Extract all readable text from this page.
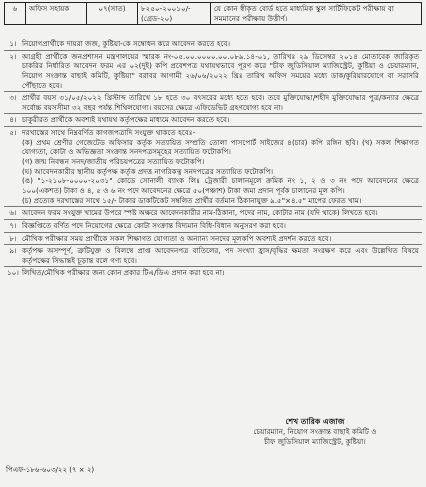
৬	অফিস সহায়ক	০৭(সাত)	৮২৫০-২০০১০/- (গ্রেড-২০)	যে কোন স্বীকৃত বোর্ড হতে মাধ্যমিক স্কুল সার্টিফিকেট পরীক্ষায় বা সমমানের পরীক্ষায় উত্তীর্ণ।
১। নিয়োগপ্রার্থীকে দায়রা জজ, কুষ্টিয়া-কে সম্বোধন করে আবেদন করতে হবে।
২। আগ্রহী প্রার্থীকে জনপ্রশাসন মন্ত্রণালয়ের স্মারক নং-০৫.০০.০০০০.০০.০৮৯.১৪-০১, তারিখঃ ২৯ ডিসেম্বর ২০১৪ মোতাবেক জারিকৃত চাকরির নির্ধারিত আবেদন ফরম এর ০২(দুই) কপি প্রবেশপত্র যথাযথভাবে পূরণ করে "চীফ জুডিসিয়াল ম্যাজিস্ট্রেট, কুষ্টিয়া ও চেয়ারম্যান, নিয়োগ সংক্রান্ত বাছাই কমিটি, কুষ্টিয়া" বরাবর আগামী ২৬/০৬/২০২২ খ্রিঃ তারিখ অফিস সময়ের মধ্যে ডাক/কুরিয়ারযোগে বা সরাসরি পৌঁছাতে হবে।
৩। প্রার্থীর বয়স ৩১/০৫/২০২২ খ্রিস্টাব্দ তারিখে ১৮ হতে ৩০ বৎসরের মধ্যে হতে হবে। তবে মুক্তিযোদ্ধা/শহীদ মুক্তিযোদ্ধার পুত্র/কন্যার ক্ষেত্রে সর্বোচ্চ বয়সসীমা ৩২ বছর পর্যন্ত শিথিলযোগ্য। বয়সের ক্ষেত্রে এফিডেভিট গ্রহণযোগ্য হবে না।
৪। চাকুরীরত প্রার্থীকে অবশ্যই যথাযথ কর্তৃপক্ষের মাধ্যমে আবেদন করতে হবে।
৫। দরখাস্তের সাথে নিম্নবর্ণিত কাগজপত্রাদি সংযুক্ত থাকতে হবেঃ-
(ক) প্রথম শ্রেণীর গেজেটেড অফিসার কর্তৃক সত্যায়িত সম্প্রতি তোলা পাসপোর্ট সাইজের ৪(চার) কপি রঙ্গিন ছবি। (খ) সকল শিক্ষাগত যোগ্যতা, কোটা ও অভিজ্ঞতা সংক্রান্ত সনদপত্রসমূহের সত্যায়িত ফটোকপি।
(গ) জন্ম নিবন্ধন সনদ/জাতীয় পরিচয়পত্রের সত্যায়িত ফটোকপি।
(ঘ) আবেদনকারীর স্থানীয় কর্তৃপক্ষ কর্তৃক প্রদত্ত নাগরিকত্ব সনদপত্রের সত্যায়িত ফটোকপি।
(ঙ) "১-২১০৮-০০০০-২০৩১" কোডে সোনালী ব্যাংক লিঃ ট্রেজারী চালানমূলে ক্রমিক নং ১, ২ ও ৩ নং পদে আবেদনের ক্ষেত্রে ১০০(একশত) টাকা ও ৪, ৫ ও ৬ নং পদে আবেদনের ক্ষেত্রে ৫০(পঞ্চাশ) টাকা জমা প্রদান পূর্বক চালানের মূল কপি।
(চ) প্রত্যেক দরখাস্তের সাথে ১৫/- টাকার ডাকটিকেট সম্বলিত প্রার্থীর বর্তমান ঠিকানাযুক্ত ৯.৫"×৪.৫" মাপের ফেরত খাম।
৬। আবেদন ফরম সংযুক্ত খামের উপরে স্পষ্ট অক্ষরে আবেদনকারীর নাম-ঠিকানা, পদের নাম, কোটার নাম (যদি থাকে) লিখতে হবে।
৭। বিজ্ঞপ্তিতে বর্ণিত পদে নিয়োগের ক্ষেত্রে কোটা সংক্রান্ত বিদ্যমান বিধি-বিধান অনুসরণ করা হবে।
৮। মৌখিক পরীক্ষার সময় প্রার্থীকে সকল শিক্ষাগত যোগ্যতা ও অন্যান্য সনদের মূলকপি অবশ্যই প্রদর্শন করতে হবে।
৯। কর্তৃপক্ষ অসম্পূর্ণ, ত্রুটিযুক্ত ও বিলম্বে প্রাপ্ত আবেদনপত্র বাতিলের, পদ সংখ্যা হ্রাস/বৃদ্ধির ক্ষমতা সংরক্ষণ করে এবং উল্লেখিত বিষয়ে কর্তৃপক্ষের সিদ্ধান্তই চূড়ান্ত বলে গণ্য হবে।
১০। লিখিত/মৌখিক পরীক্ষার জন্য কোন প্রকার টিএ/ডিএ প্রদান করা হবে না।
শেখ তারিক এজাজ
চেয়ারম্যান, নিয়োগ সংক্রান্ত বাছাই কমিটি ও
চীফ জুডিসিয়াল ম্যাজিস্ট্রেট, কুষ্টিয়া।
পিএফ-১৮৬-৬০৩/২২ (৭ × ২)
